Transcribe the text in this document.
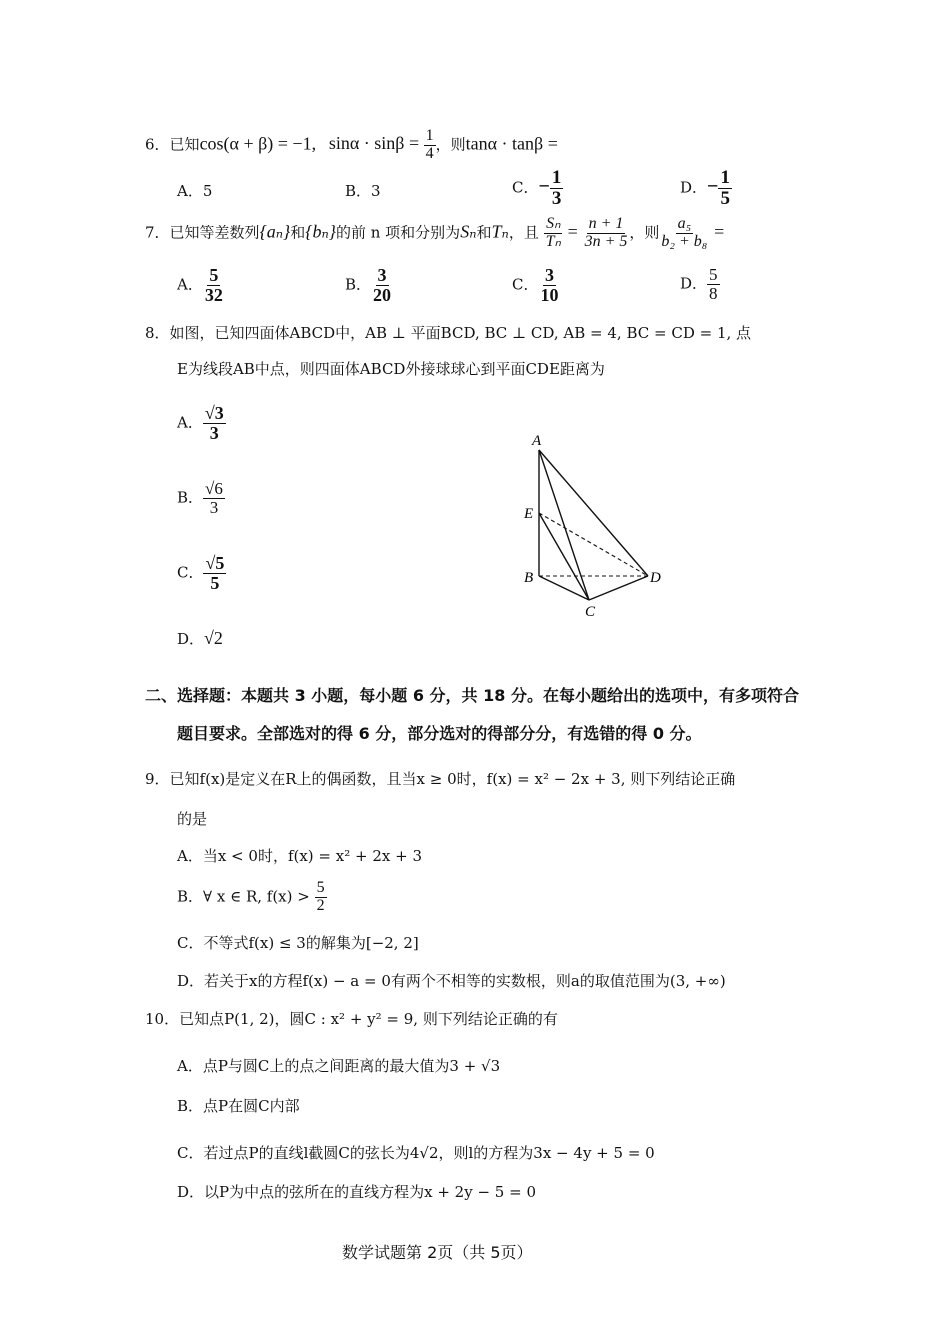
6．已知cos(α + β) = −1, $\sin\alpha \cdot \sin\beta = \frac{1}{4}$ ，则tanα · tanβ =
A．5	B．3	C．− $\frac{1}{3}$	D．− $\frac{1}{5}$
7．已知等差数列{aₙ}和{bₙ}的前 n 项和分别为Sₙ和Tₙ，且 $\frac{\text{Sₙ}}{\text{Tₙ}} = \frac{n + 1}{3n + 5}$ ，则 $\frac{\text{a₅}}{\text{b₂ + b₈}}$ =
A． $\frac{5}{32}$	B． $\frac{3}{20}$	C． $\frac{3}{10}$	D． $\frac{5}{8}$
8．如图，已知四面体ABCD中，AB ⊥ 平面BCD, BC ⊥ CD, AB = 4, BC = CD = 1, 点
E为线段AB中点，则四面体ABCD外接球球心到平面CDE距离为
A． $\frac{√3}{3}$
B． $\frac{√6}{3}$
C． $\frac{√5}{5}$
D．√2
A
E
B
C
D
二、选择题：本题共 3 小题，每小题 6 分，共 18 分。在每小题给出的选项中，有多项符合
题目要求。全部选对的得 6 分，部分选对的得部分分，有选错的得 0 分。
9．已知f(x)是定义在R上的偶函数，且当x ≥ 0时，f(x) = x² − 2x + 3, 则下列结论正确
的是
A．当x < 0时，f(x) = x² + 2x + 3
B．∀ x ∈ R, $f(x) > \frac{5}{2}$
C．不等式f(x) ≤ 3的解集为[−2, 2]
D．若关于x的方程f(x) − a = 0有两个不相等的实数根，则a的取值范围为(3, +∞)
10．已知点P(1, 2)，圆C : x² + y² = 9, 则下列结论正确的有
A．点P与圆C上的点之间距离的最大值为3 + √3
B．点P在圆C内部
C．若过点P的直线l截圆C的弦长为4√2，则l的方程为3x − 4y + 5 = 0
D．以P为中点的弦所在的直线方程为x + 2y − 5 = 0
数学试题第 2页（共 5页）
